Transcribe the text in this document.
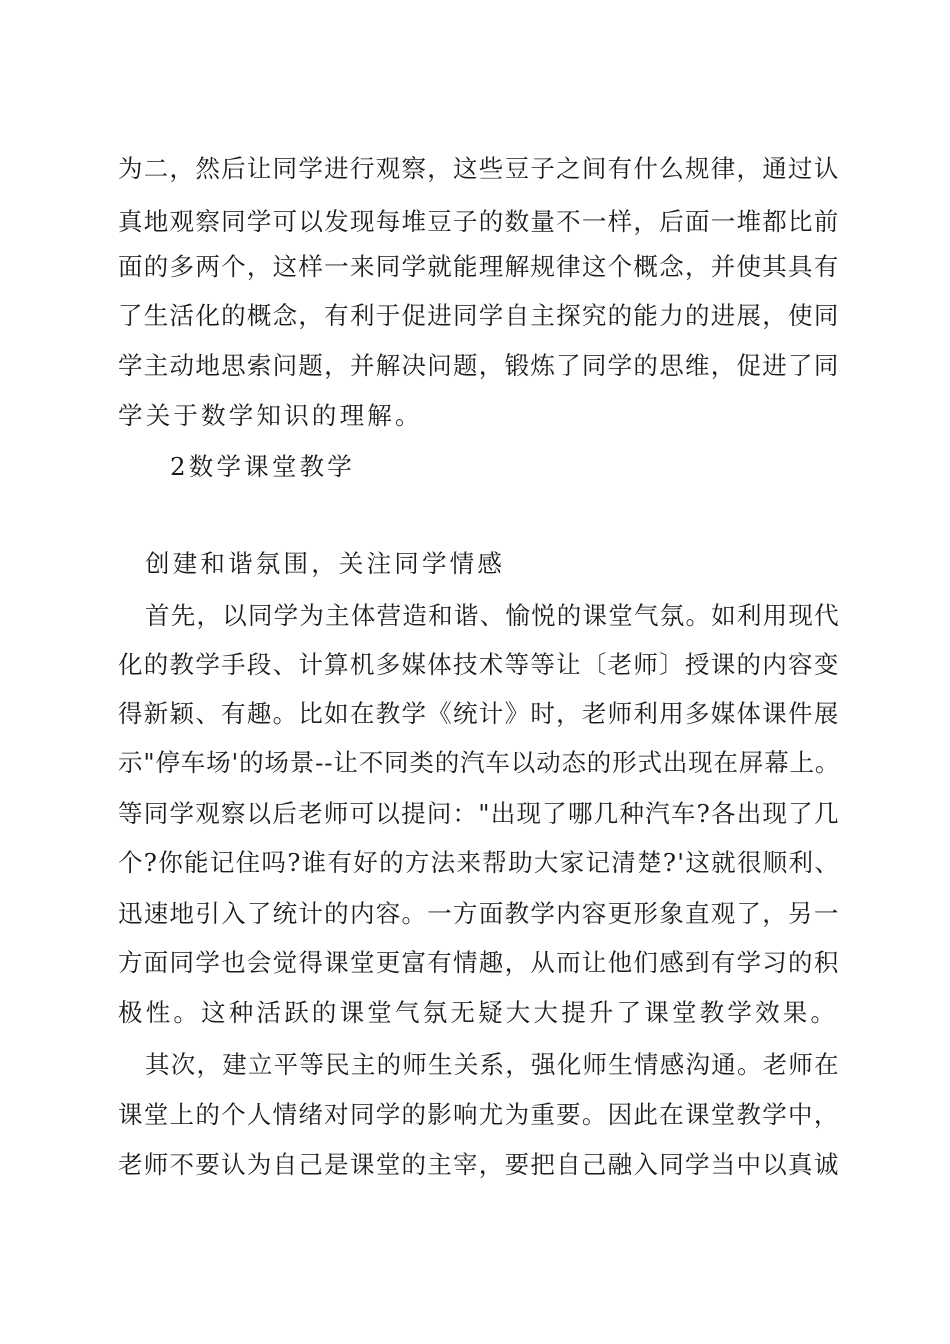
为二，然后让同学进行观察，这些豆子之间有什么规律，通过认
真地观察同学可以发现每堆豆子的数量不一样，后面一堆都比前
面的多两个，这样一来同学就能理解规律这个概念，并使其具有
了生活化的概念，有利于促进同学自主探究的能力的进展，使同
学主动地思索问题，并解决问题，锻炼了同学的思维，促进了同
学关于数学知识的理解。
2数学课堂教学
创建和谐氛围，关注同学情感
首先，以同学为主体营造和谐、愉悦的课堂气氛。如利用现代
化的教学手段、计算机多媒体技术等等让〔老师〕授课的内容变
得新颖、有趣。比如在教学《统计》时，老师利用多媒体课件展
示"停车场'的场景--让不同类的汽车以动态的形式出现在屏幕上。
等同学观察以后老师可以提问："出现了哪几种汽车?各出现了几
个?你能记住吗?谁有好的方法来帮助大家记清楚?'这就很顺利、
迅速地引入了统计的内容。一方面教学内容更形象直观了，另一
方面同学也会觉得课堂更富有情趣，从而让他们感到有学习的积
极性。这种活跃的课堂气氛无疑大大提升了课堂教学效果。
其次，建立平等民主的师生关系，强化师生情感沟通。老师在
课堂上的个人情绪对同学的影响尤为重要。因此在课堂教学中，
老师不要认为自己是课堂的主宰，要把自己融入同学当中以真诚
